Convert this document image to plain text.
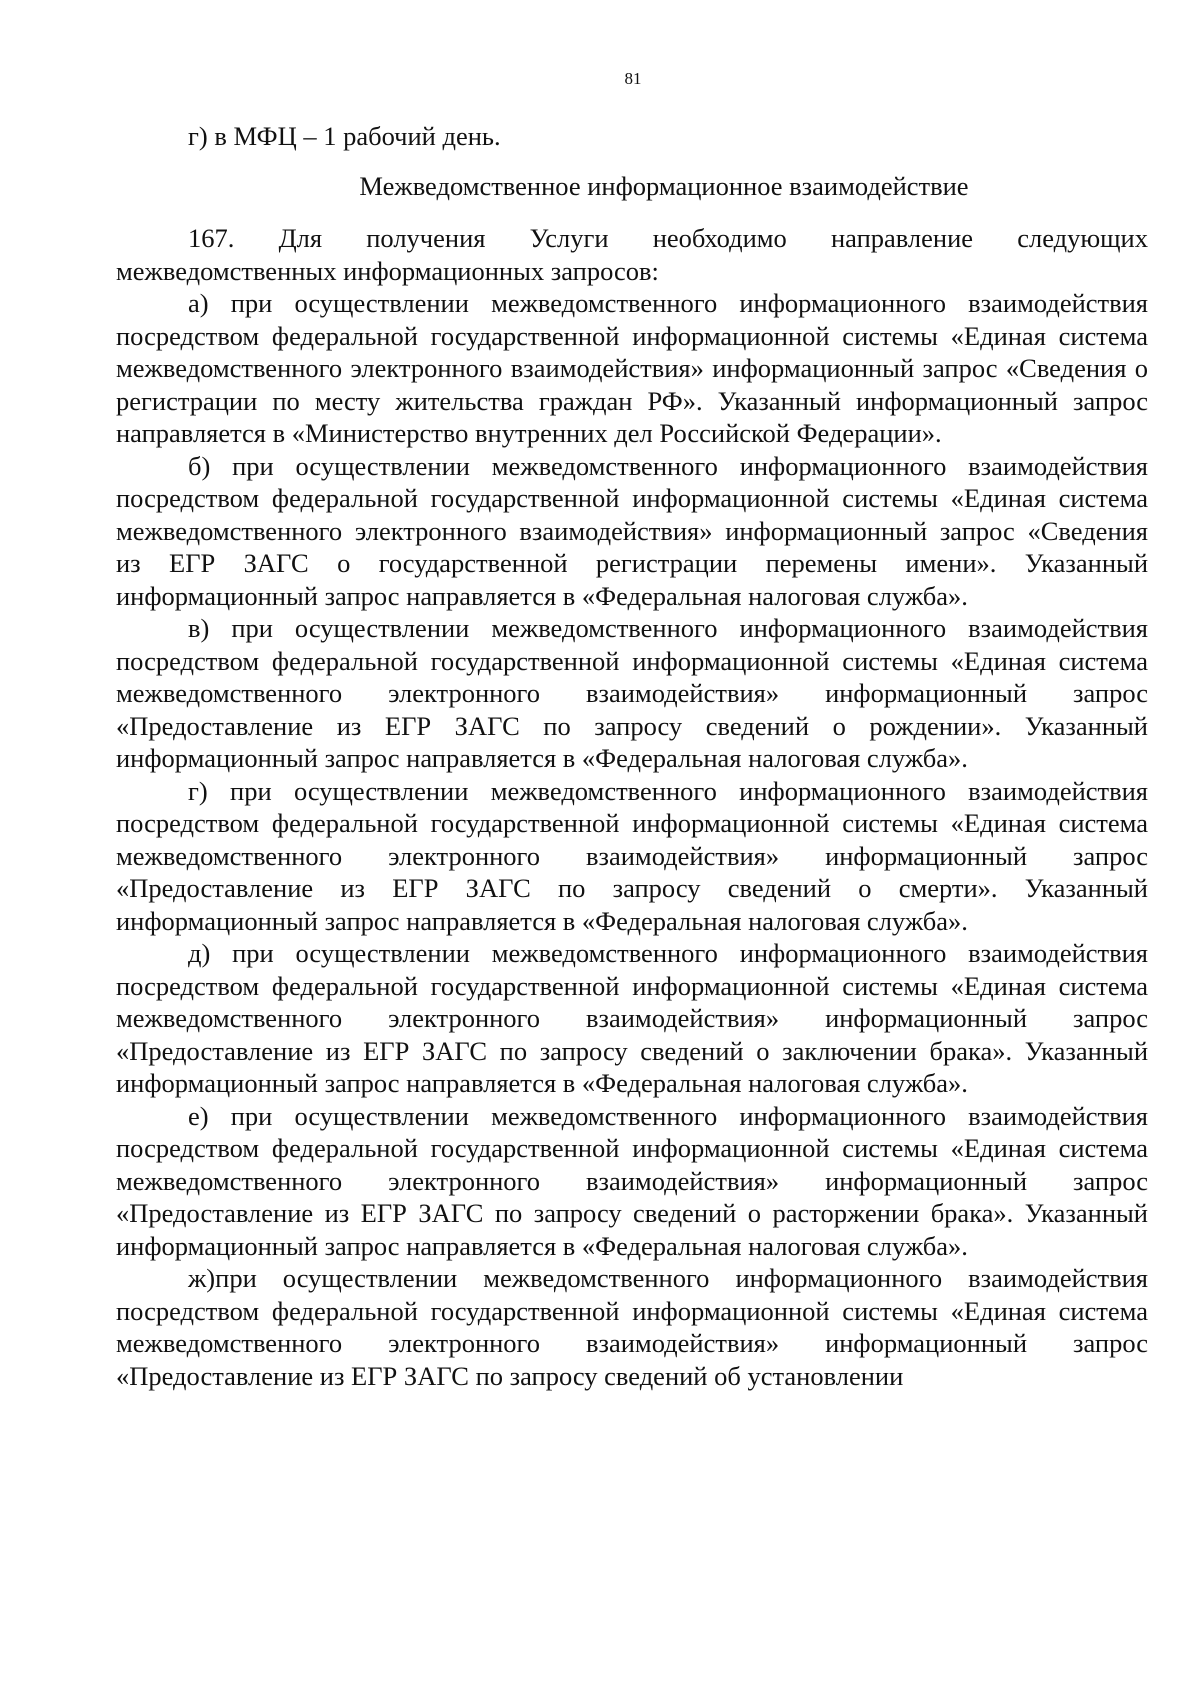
81

г) в МФЦ – 1 рабочий день.

Межведомственное информационное взаимодействие

167. Для получения Услуги необходимо направление следующих межведомственных информационных запросов:

а) при осуществлении межведомственного информационного взаимодействия посредством федеральной государственной информационной системы «Единая система межведомственного электронного взаимодействия» информационный запрос «Сведения о регистрации по месту жительства граждан РФ». Указанный информационный запрос направляется в «Министерство внутренних дел Российской Федерации».

б) при осуществлении межведомственного информационного взаимодействия посредством федеральной государственной информационной системы «Единая система межведомственного электронного взаимодействия» информационный запрос «Сведения из ЕГР ЗАГС о государственной регистрации перемены имени». Указанный информационный запрос направляется в «Федеральная налоговая служба».

в) при осуществлении межведомственного информационного взаимодействия посредством федеральной государственной информационной системы «Единая система межведомственного электронного взаимодействия» информационный запрос «Предоставление из ЕГР ЗАГС по запросу сведений о рождении». Указанный информационный запрос направляется в «Федеральная налоговая служба».

г) при осуществлении межведомственного информационного взаимодействия посредством федеральной государственной информационной системы «Единая система межведомственного электронного взаимодействия» информационный запрос «Предоставление из ЕГР ЗАГС по запросу сведений о смерти». Указанный информационный запрос направляется в «Федеральная налоговая служба».

д) при осуществлении межведомственного информационного взаимодействия посредством федеральной государственной информационной системы «Единая система межведомственного электронного взаимодействия» информационный запрос «Предоставление из ЕГР ЗАГС по запросу сведений о заключении брака». Указанный информационный запрос направляется в «Федеральная налоговая служба».

е) при осуществлении межведомственного информационного взаимодействия посредством федеральной государственной информационной системы «Единая система межведомственного электронного взаимодействия» информационный запрос «Предоставление из ЕГР ЗАГС по запросу сведений о расторжении брака». Указанный информационный запрос направляется в «Федеральная налоговая служба».

ж)при осуществлении межведомственного информационного взаимодействия посредством федеральной государственной информационной системы «Единая система межведомственного электронного взаимодействия» информационный запрос «Предоставление из ЕГР ЗАГС по запросу сведений об установлении
